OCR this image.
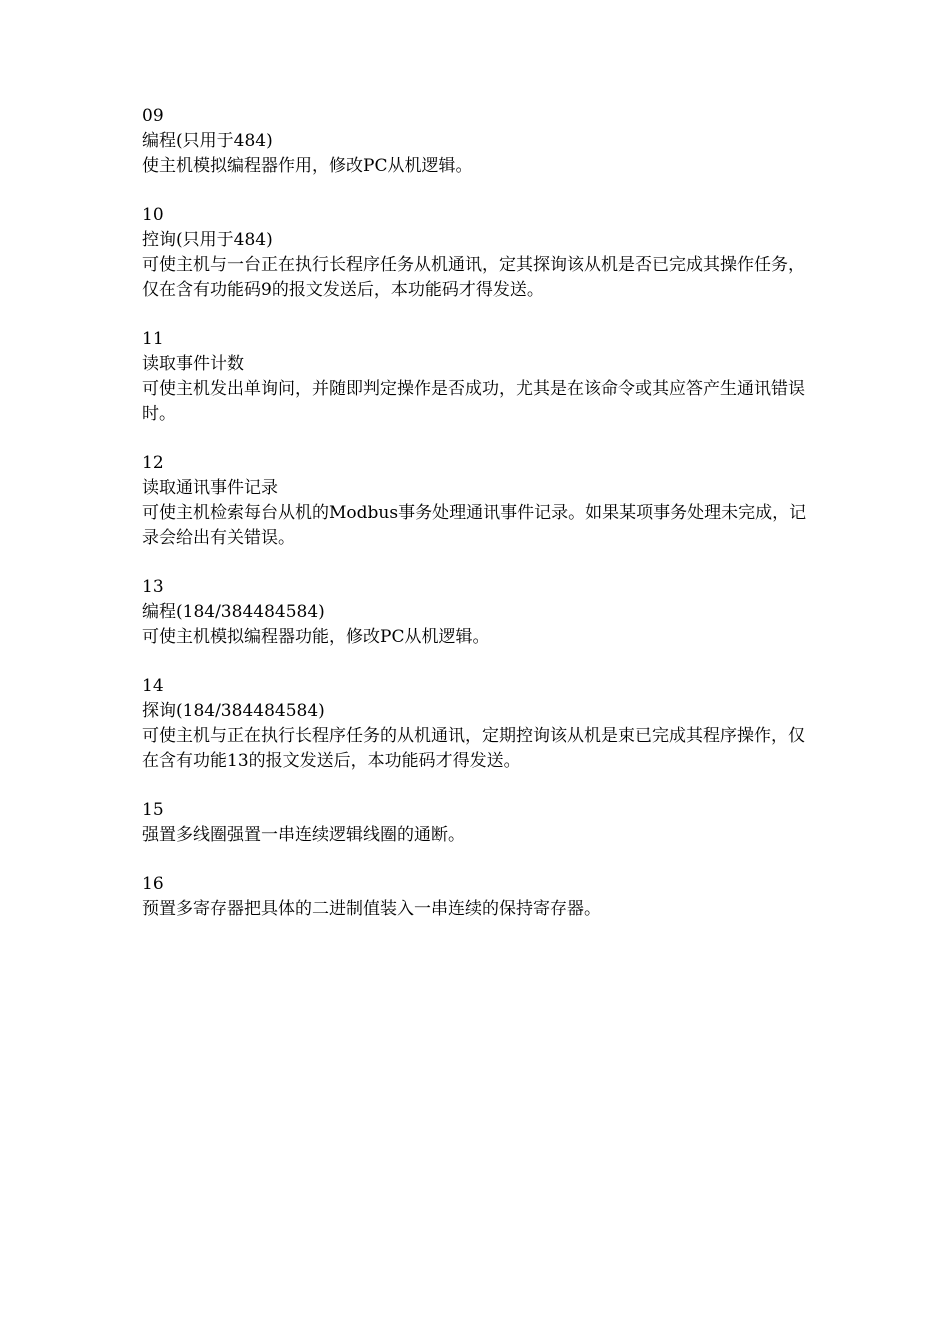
09

编程(只用于484)

使主机模拟编程器作用，修改PC从机逻辑。

10

控询(只用于484)

可使主机与一台正在执行长程序任务从机通讯，定其探询该从机是否已完成其操作任务，仅在含有功能码9的报文发送后，本功能码才得发送。

11

读取事件计数

可使主机发出单询问，并随即判定操作是否成功，尤其是在该命令或其应答产生通讯错误时。

12

读取通讯事件记录

可使主机检索每台从机的Modbus事务处理通讯事件记录。如果某项事务处理未完成，记录会给出有关错误。

13

编程(184/384484584)

可使主机模拟编程器功能，修改PC从机逻辑。

14

探询(184/384484584)

可使主机与正在执行长程序任务的从机通讯，定期控询该从机是束已完成其程序操作，仅在含有功能13的报文发送后，本功能码才得发送。

15

强置多线圈强置一串连续逻辑线圈的通断。

16

预置多寄存器把具体的二进制值装入一串连续的保持寄存器。
